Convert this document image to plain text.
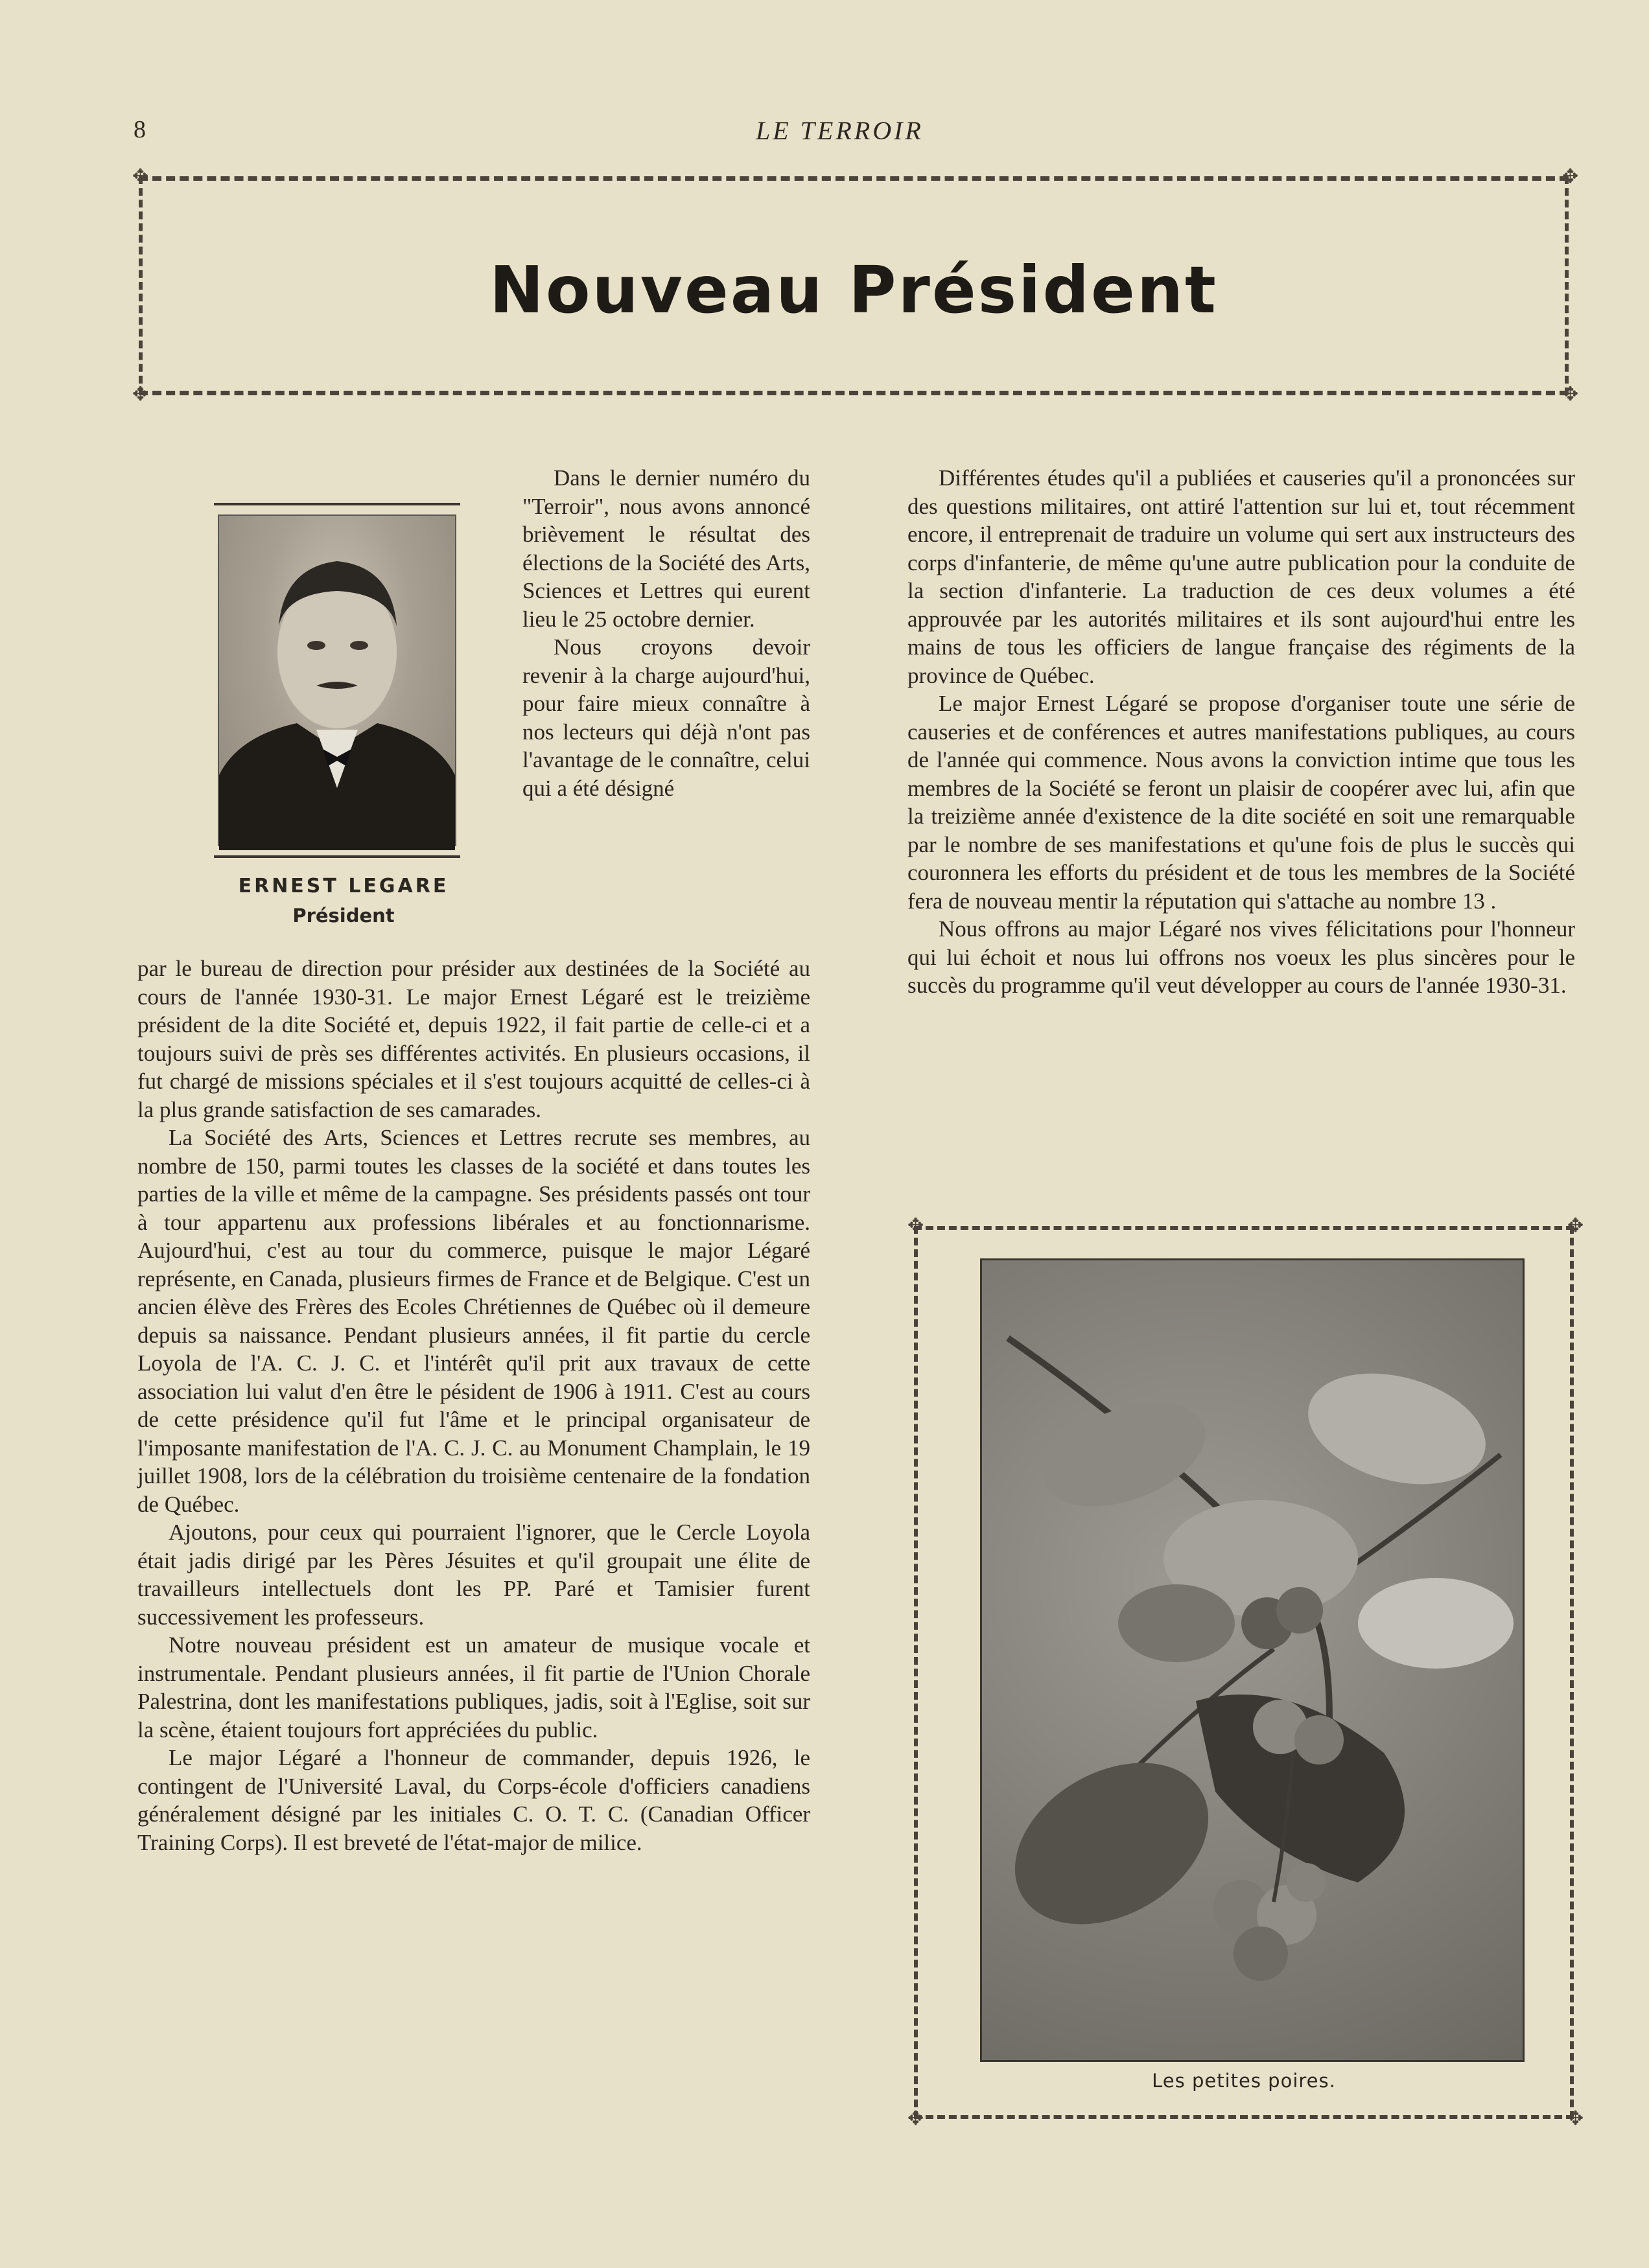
8	LE TERROIR
✥	✥
✥	✥
Nouveau Président
ERNEST LEGARE
Président

Dans le dernier numéro du "Terroir", nous avons annoncé brièvement le résultat des élections de la Société des Arts, Sciences et Lettres qui eurent lieu le 25 octobre dernier.

Nous croyons devoir revenir à la charge aujourd'hui, pour faire mieux connaître à nos lecteurs qui déjà n'ont pas l'avantage de le connaître, celui qui a été désigné

par le bureau de direction pour présider aux destinées de la Société au cours de l'année 1930-31. Le major Ernest Légaré est le treizième président de la dite Société et, depuis 1922, il fait partie de celle-ci et a toujours suivi de près ses différentes activités. En plusieurs occasions, il fut chargé de missions spéciales et il s'est toujours acquitté de celles-ci à la plus grande satisfaction de ses camarades.

La Société des Arts, Sciences et Lettres recrute ses membres, au nombre de 150, parmi toutes les classes de la société et dans toutes les parties de la ville et même de la campagne. Ses présidents passés ont tour à tour appartenu aux professions libérales et au fonctionnarisme. Aujourd'hui, c'est au tour du commerce, puisque le major Légaré représente, en Canada, plusieurs firmes de France et de Belgique. C'est un ancien élève des Frères des Ecoles Chrétiennes de Québec où il demeure depuis sa naissance. Pendant plusieurs années, il fit partie du cercle Loyola de l'A. C. J. C. et l'intérêt qu'il prit aux travaux de cette association lui valut d'en être le pésident de 1906 à 1911. C'est au cours de cette présidence qu'il fut l'âme et le principal organisateur de l'imposante manifestation de l'A. C. J. C. au Monument Champlain, le 19 juillet 1908, lors de la célébration du troisième centenaire de la fondation de Québec.

Ajoutons, pour ceux qui pourraient l'ignorer, que le Cercle Loyola était jadis dirigé par les Pères Jésuites et qu'il groupait une élite de travailleurs intellectuels dont les PP. Paré et Tamisier furent successivement les professeurs.

Notre nouveau président est un amateur de musique vocale et instrumentale. Pendant plusieurs années, il fit partie de l'Union Chorale Palestrina, dont les manifestations publiques, jadis, soit à l'Eglise, soit sur la scène, étaient toujours fort appréciées du public.

Le major Légaré a l'honneur de commander, depuis 1926, le contingent de l'Université Laval, du Corps-école d'officiers canadiens généralement désigné par les initiales C. O. T. C. (Canadian Officer Training Corps). Il est breveté de l'état-major de milice.

Différentes études qu'il a publiées et causeries qu'il a prononcées sur des questions militaires, ont attiré l'attention sur lui et, tout récemment encore, il entreprenait de traduire un volume qui sert aux instructeurs des corps d'infanterie, de même qu'une autre publication pour la conduite de la section d'infanterie. La traduction de ces deux volumes a été approuvée par les autorités militaires et ils sont aujourd'hui entre les mains de tous les officiers de langue française des régiments de la province de Québec.

Le major Ernest Légaré se propose d'organiser toute une série de causeries et de conférences et autres manifestations publiques, au cours de l'année qui commence. Nous avons la conviction intime que tous les membres de la Société se feront un plaisir de coopérer avec lui, afin que la treizième année d'existence de la dite société en soit une remarquable par le nombre de ses manifestations et qu'une fois de plus le succès qui couronnera les efforts du président et de tous les membres de la Société fera de nouveau mentir la réputation qui s'attache au nombre 13 .

Nous offrons au major Légaré nos vives félicitations pour l'honneur qui lui échoit et nous lui offrons nos voeux les plus sincères pour le succès du programme qu'il veut développer au cours de l'année 1930-31.

✥	✥
✥	✥
Les petites poires.
